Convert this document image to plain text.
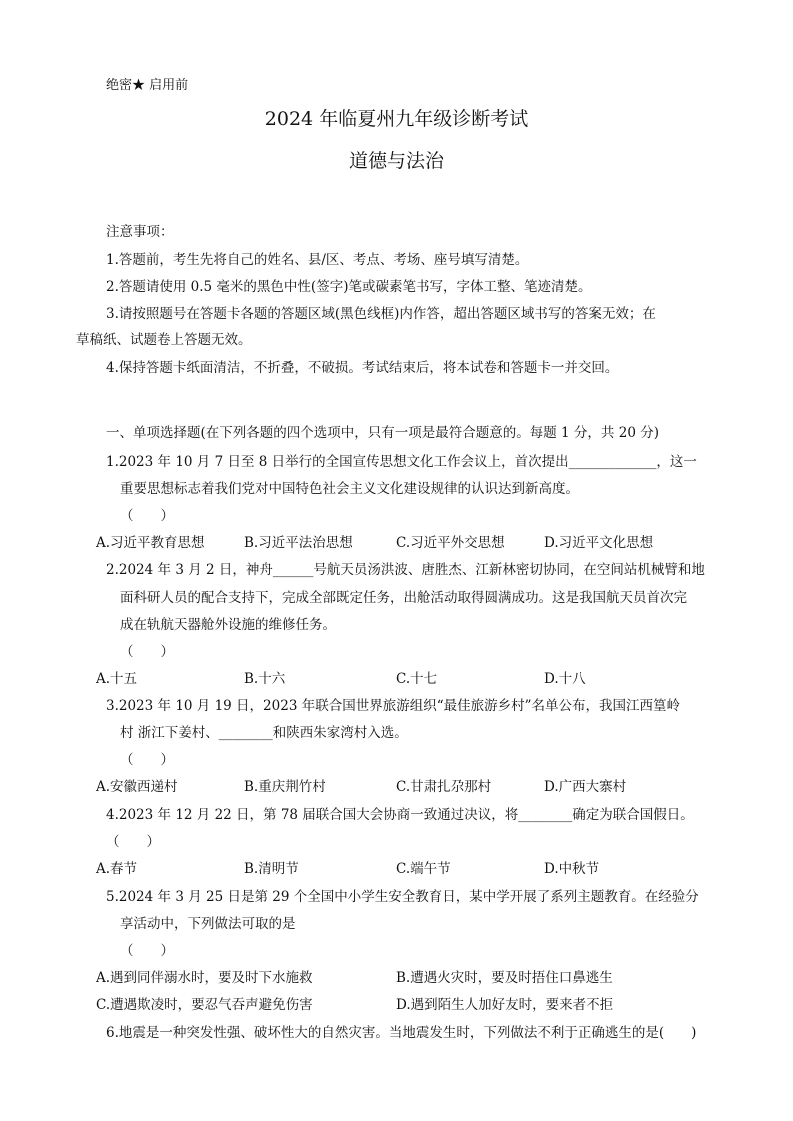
绝密★ 启用前
2024 年临夏州九年级诊断考试
道德与法治
注意事项：
1.答题前，考生先将自己的姓名、县/区、考点、考场、座号填写清楚。
2.答题请使用 0.5 毫米的黑色中性(签字)笔或碳素笔书写，字体工整、笔迹清楚。
3.请按照题号在答题卡各题的答题区域(黑色线框)内作答，超出答题区域书写的答案无效；在
草稿纸、试题卷上答题无效。
4.保持答题卡纸面清洁，不折叠，不破损。考试结束后，将本试卷和答题卡一并交回。
一、单项选择题(在下列各题的四个选项中，只有一项是最符合题意的。每题 1 分，共 20 分)
1.2023 年 10 月 7 日至 8 日举行的全国宣传思想文化工作会议上，首次提出_____________，这一
重要思想标志着我们党对中国特色社会主义文化建设规律的认识达到新高度。
（　　）
A.习近平教育思想	B.习近平法治思想	C.习近平外交思想	D.习近平文化思想
2.2024 年 3 月 2 日，神舟______号航天员汤洪波、唐胜杰、江新林密切协同，在空间站机械臂和地
面科研人员的配合支持下，完成全部既定任务，出舱活动取得圆满成功。这是我国航天员首次完
成在轨航天器舱外设施的维修任务。
（　　）
A.十五	B.十六	C.十七	D.十八
3.2023 年 10 月 19 日，2023 年联合国世界旅游组织“最佳旅游乡村”名单公布，我国江西篁岭
村 浙江下姜村、________和陕西朱家湾村入选。
（　　）
A.安徽西递村	B.重庆荆竹村	C.甘肃扎尕那村	D.广西大寨村
4.2023 年 12 月 22 日，第 78 届联合国大会协商一致通过决议，将________确定为联合国假日。
（　　）
A.春节	B.清明节	C.端午节	D.中秋节
5.2024 年 3 月 25 日是第 29 个全国中小学生安全教育日，某中学开展了系列主题教育。在经验分
享活动中，下列做法可取的是
（　　）
A.遇到同伴溺水时，要及时下水施救	B.遭遇火灾时，要及时捂住口鼻逃生
C.遭遇欺凌时，要忍气吞声避免伤害	D.遇到陌生人加好友时，要来者不拒
6.地震是一种突发性强、破坏性大的自然灾害。当地震发生时，下列做法不利于正确逃生的是(　　)
